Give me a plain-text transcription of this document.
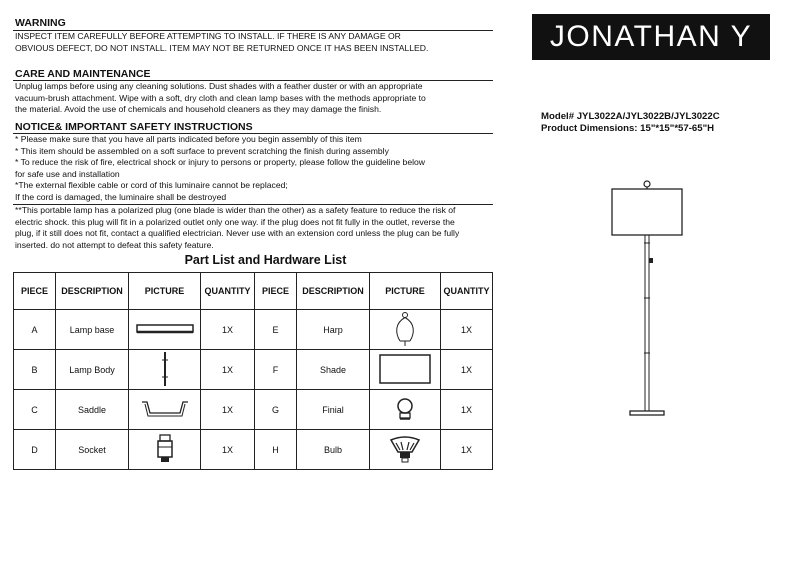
WARNING
INSPECT ITEM CAREFULLY BEFORE ATTEMPTING TO INSTALL. IF THERE IS ANY DAMAGE OR
OBVIOUS DEFECT, DO NOT INSTALL. ITEM MAY NOT BE RETURNED ONCE IT HAS BEEN INSTALLED.
CARE AND MAINTENANCE
Unplug lamps before using any cleaning solutions. Dust shades with a feather duster or with an appropriate
vacuum-brush attachment. Wipe with a soft, dry cloth and clean lamp bases with the methods appropriate to
the material. Avoid the use of chemicals and household cleaners as they may damage the finish.
NOTICE& IMPORTANT SAFETY INSTRUCTIONS
* Please make sure that you have all parts indicated before you begin assembly of this item
* This item should be assembled on a soft surface to prevent scratching the finish during assembly
* To reduce the risk of fire, electrical shock or injury to persons or property, please follow the guideline below
for safe use and installation
*The external flexible cable or cord of this luminaire cannot be replaced;
If the cord is damaged, the luminaire shall be destroyed
**This portable lamp has a polarized plug (one blade is wider than the other) as a safety feature to reduce the risk of
electric shock. this plug will fit in a polarized outlet only one way. if the plug does not fit fully in the outlet, reverse the
plug, if it still does not fit, contact a qualified electrician. Never use with an extension cord unless the plug can be fully
inserted. do not attempt to defeat this safety feature.
Part List and Hardware List
PIECE	DESCRIPTION	PICTURE	QUANTITY	PIECE	DESCRIPTION	PICTURE	QUANTITY
A	Lamp base		1X	E	Harp		1X
B	Lamp Body		1X	F	Shade		1X
C	Saddle		1X	G	Finial		1X
D	Socket		1X	H	Bulb		1X
JONATHAN Y
Model# JYL3022A/JYL3022B/JYL3022C
Product Dimensions: 15"*15"*57-65"H
